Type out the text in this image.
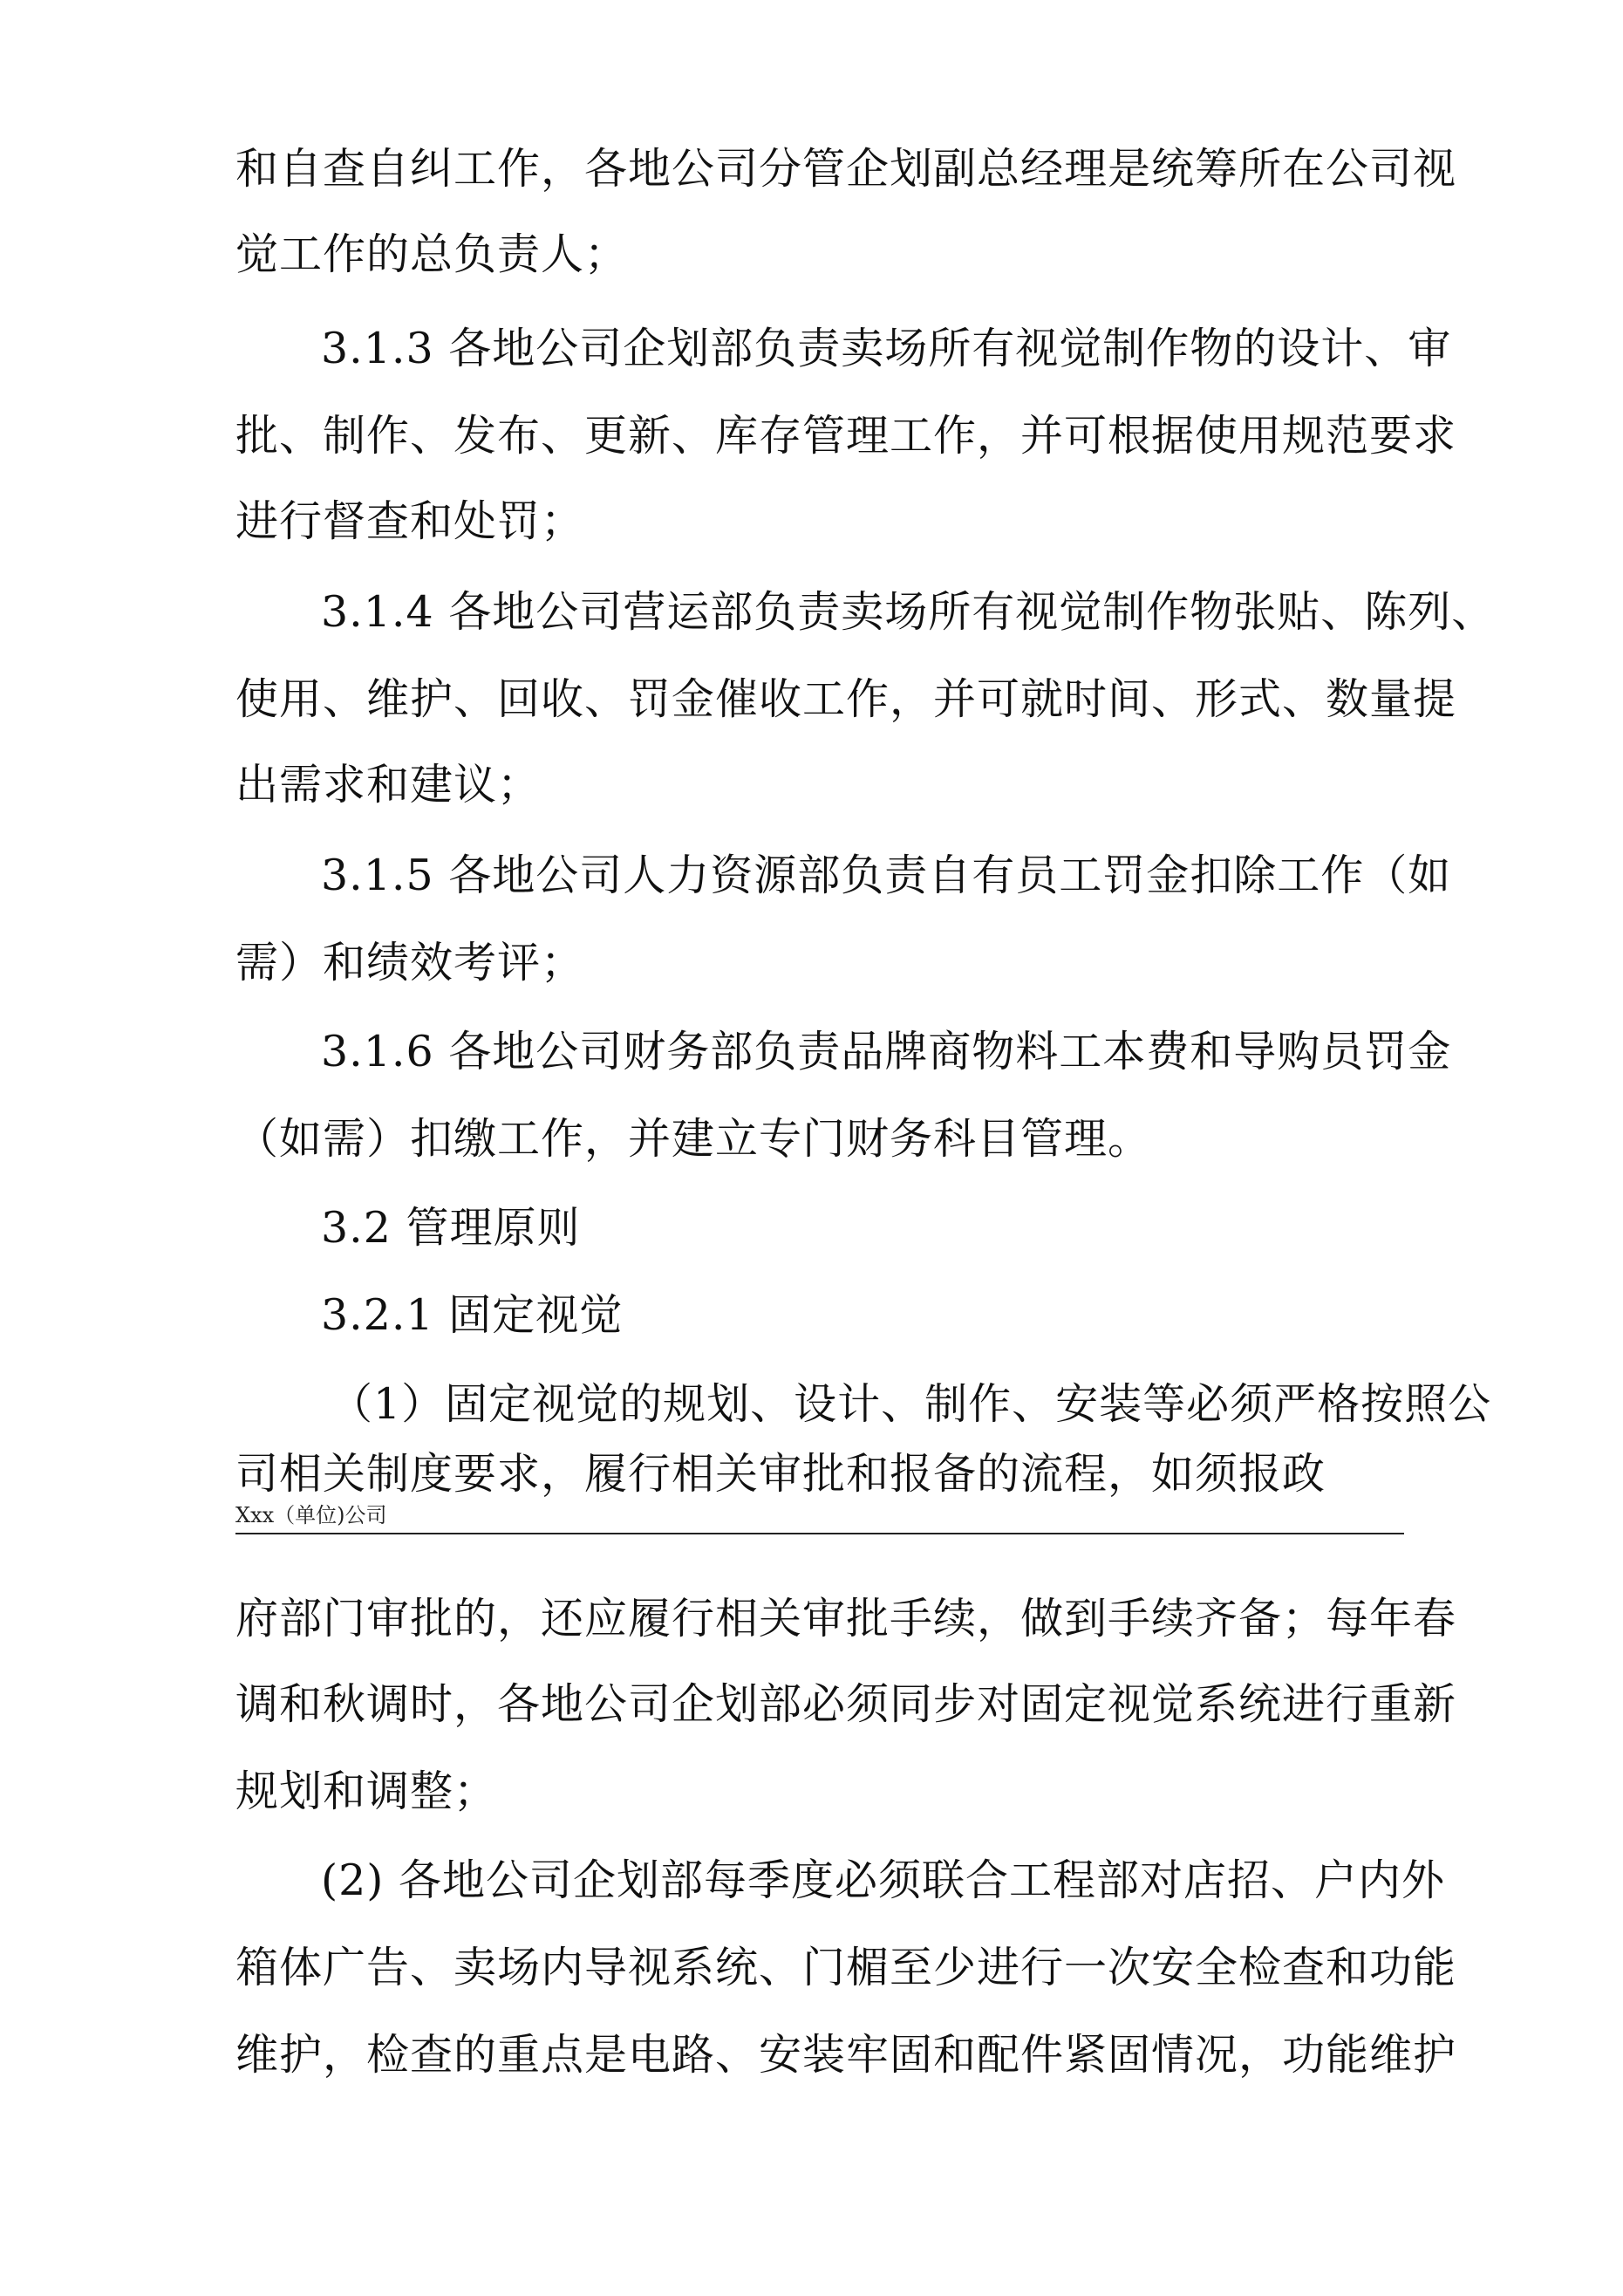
和自查自纠工作，各地公司分管企划副总经理是统筹所在公司视
觉工作的总负责人；
3.1.3 各地公司企划部负责卖场所有视觉制作物的设计、审
批、制作、发布、更新、库存管理工作，并可根据使用规范要求
进行督查和处罚；
3.1.4 各地公司营运部负责卖场所有视觉制作物张贴、陈列、
使用、维护、回收、罚金催收工作，并可就时间、形式、数量提
出需求和建议；
3.1.5 各地公司人力资源部负责自有员工罚金扣除工作（如
需）和绩效考评；
3.1.6 各地公司财务部负责品牌商物料工本费和导购员罚金
（如需）扣缴工作，并建立专门财务科目管理。
3.2 管理原则
3.2.1 固定视觉
（1）固定视觉的规划、设计、制作、安装等必须严格按照公
司相关制度要求，履行相关审批和报备的流程，如须报政
Xxx（单位)公司
府部门审批的，还应履行相关审批手续，做到手续齐备；每年春
调和秋调时，各地公司企划部必须同步对固定视觉系统进行重新
规划和调整；
(2) 各地公司企划部每季度必须联合工程部对店招、户内外
箱体广告、卖场内导视系统、门楣至少进行一次安全检查和功能
维护，检查的重点是电路、安装牢固和配件紧固情况，功能维护
